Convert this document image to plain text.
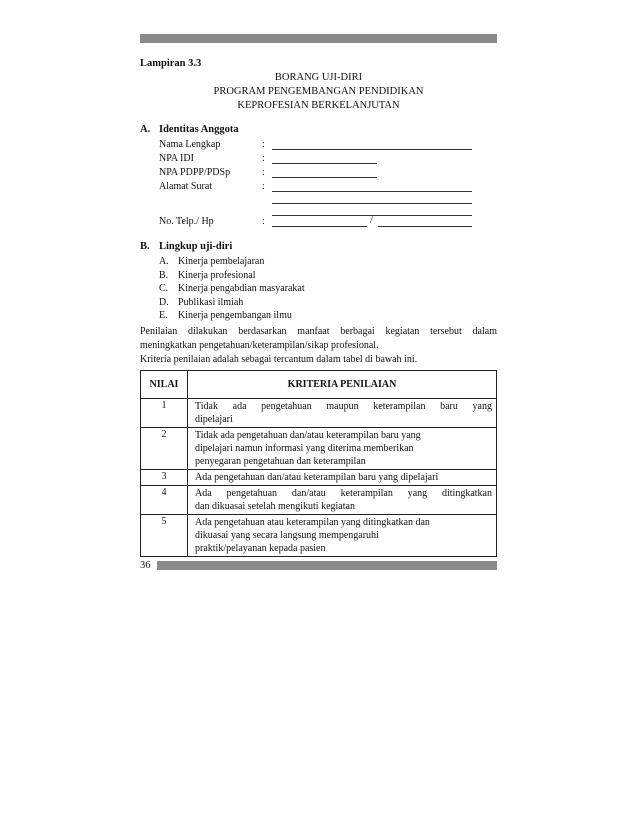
Lampiran 3.3
BORANG UJI-DIRI
PROGRAM PENGEMBANGAN PENDIDIKAN
KEPROFESIAN BERKELANJUTAN
A. Identitas Anggota
Nama Lengkap	:
NPA IDI	:
NPA PDPP/PDSp	:
Alamat Surat	:
No. Telp./ Hp	:	/
B. Lingkup uji-diri
A. Kinerja pembelajaran
B. Kinerja profesional
C. Kinerja pengabdian masyarakat
D. Publikasi ilmiah
E. Kinerja pengembangan ilmu
Penilaian dilakukan berdasarkan manfaat berbagai kegiatan tersebut dalam
meningkatkan pengetahuan/keterampilan/sikap profesional.
Kriteria penilaian adalah sebagai tercantum dalam tabel di bawah ini.
NILAI	KRITERIA PENILAIAN
1	Tidak ada pengetahuan maupun keterampilan baru yang
dipelajari

2	Tidak ada pengetahuan dan/atau keterampilan baru yang
dipelajari namun informasi yang diterima memberikan
penyegaran pengetahuan dan keterampilan

3	Ada pengetahuan dan/atau keterampilan baru yang dipelajari

4	Ada pengetahuan dan/atau keterampilan yang ditingkatkan
dan dikuasai setelah mengikuti kegiatan

5	Ada pengetahuan atau keterampilan yang ditingkatkan dan
dikuasai yang secara langsung mempengaruhi
praktik/pelayanan kepada pasien
36
